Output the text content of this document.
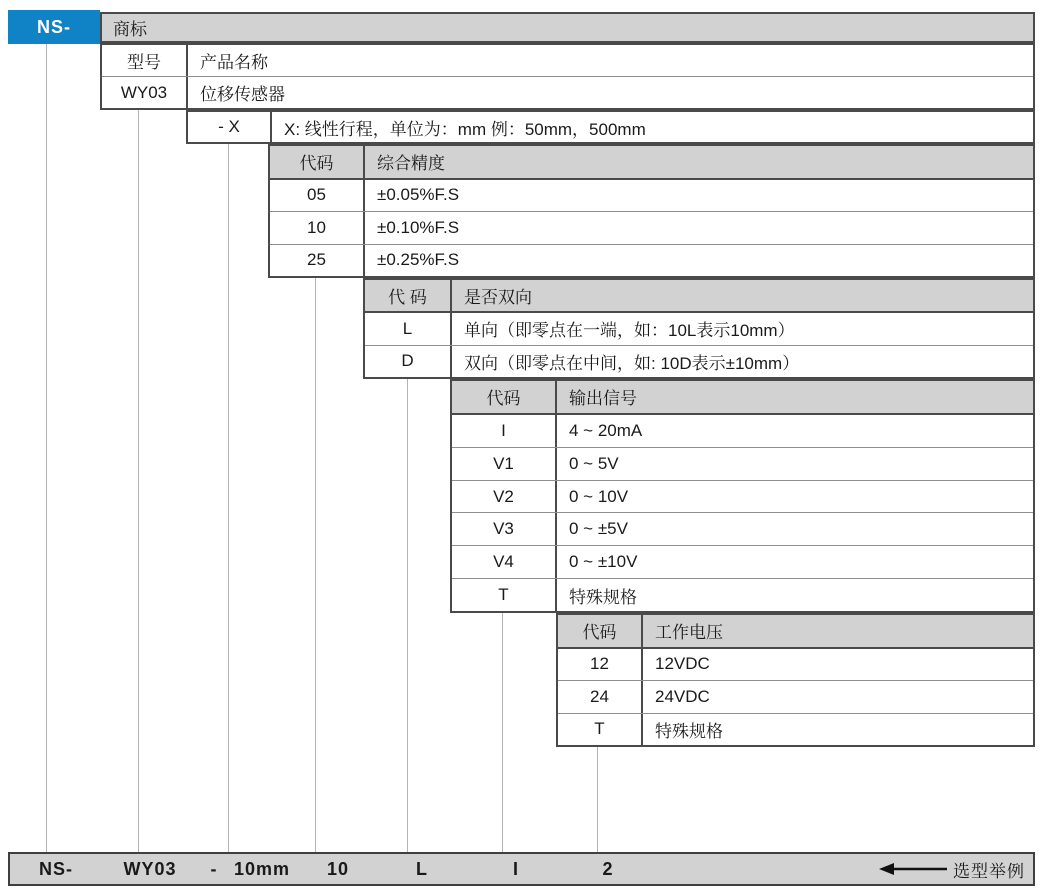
NS-	商标
型号	产品名称
WY03	位移传感器
- X	X: 线性行程，单位为：mm 例：50mm，500mm
代码	综合精度
05	±0.05%F.S
10	±0.10%F.S
25	±0.25%F.S
代 码	是否双向
L	单向（即零点在一端，如：10L表示10mm）
D	双向（即零点在中间，如: 10D表示±10mm）
代码	输出信号
I	4 ~ 20mA
V1	0 ~ 5V
V2	0 ~ 10V
V3	0 ~ ±5V
V4	0 ~ ±10V
T	特殊规格
代码	工作电压
12	12VDC
24	24VDC
T	特殊规格
NS-	WY03	- 10mm	10	L	I	2	选型举例
